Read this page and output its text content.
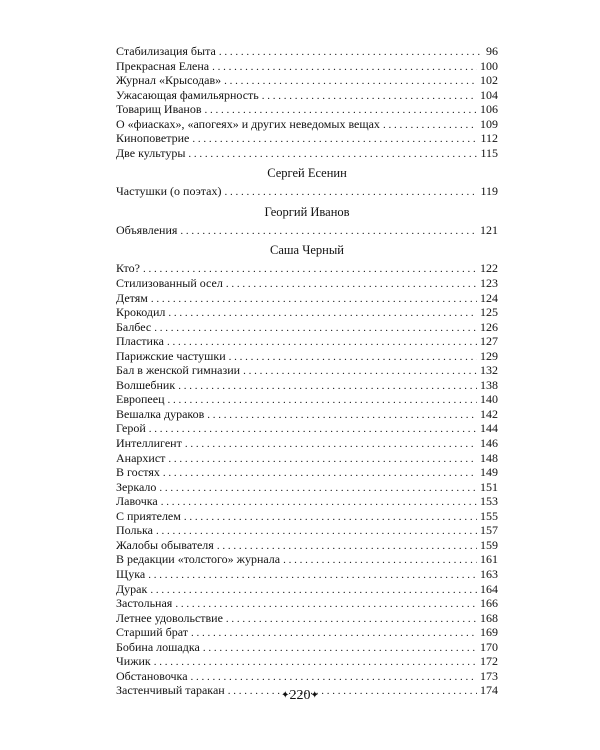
Стабилизация быта . . .	96
Прекрасная Елена . . .	100
Журнал «Крысодав» . . .	102
Ужасающая фамильярность . . .	104
Товарищ Иванов . . .	106
О «фиасках», «апогеях» и других неведомых вещах . . .	109
Киноповетрие . . .	112
Две культуры . . .	115
Сергей Есенин
Частушки (о поэтах) . . .	119
Георгий Иванов
Объявления . . .	121
Саша Черный
Кто? . . .	122
Стилизованный осел . . .	123
Детям . . .	124
Крокодил . . .	125
Балбес . . .	126
Пластика . . .	127
Парижские частушки . . .	129
Бал в женской гимназии . . .	132
Волшебник . . .	138
Европеец . . .	140
Вешалка дураков . . .	142
Герой . . .	144
Интеллигент . . .	146
Анархист . . .	148
В гостях . . .	149
Зеркало . . .	151
Лавочка . . .	153
С приятелем . . .	155
Полька . . .	157
Жалобы обывателя . . .	159
В редакции «толстого» журнала . . .	161
Щука . . .	163
Дурак . . .	164
Застольная . . .	166
Летнее удовольствие . . .	168
Старший брат . . .	169
Бобина лошадка . . .	170
Чижик . . .	172
Обстановочка . . .	173
Застенчивый таракан . . .	174
✦220✦
